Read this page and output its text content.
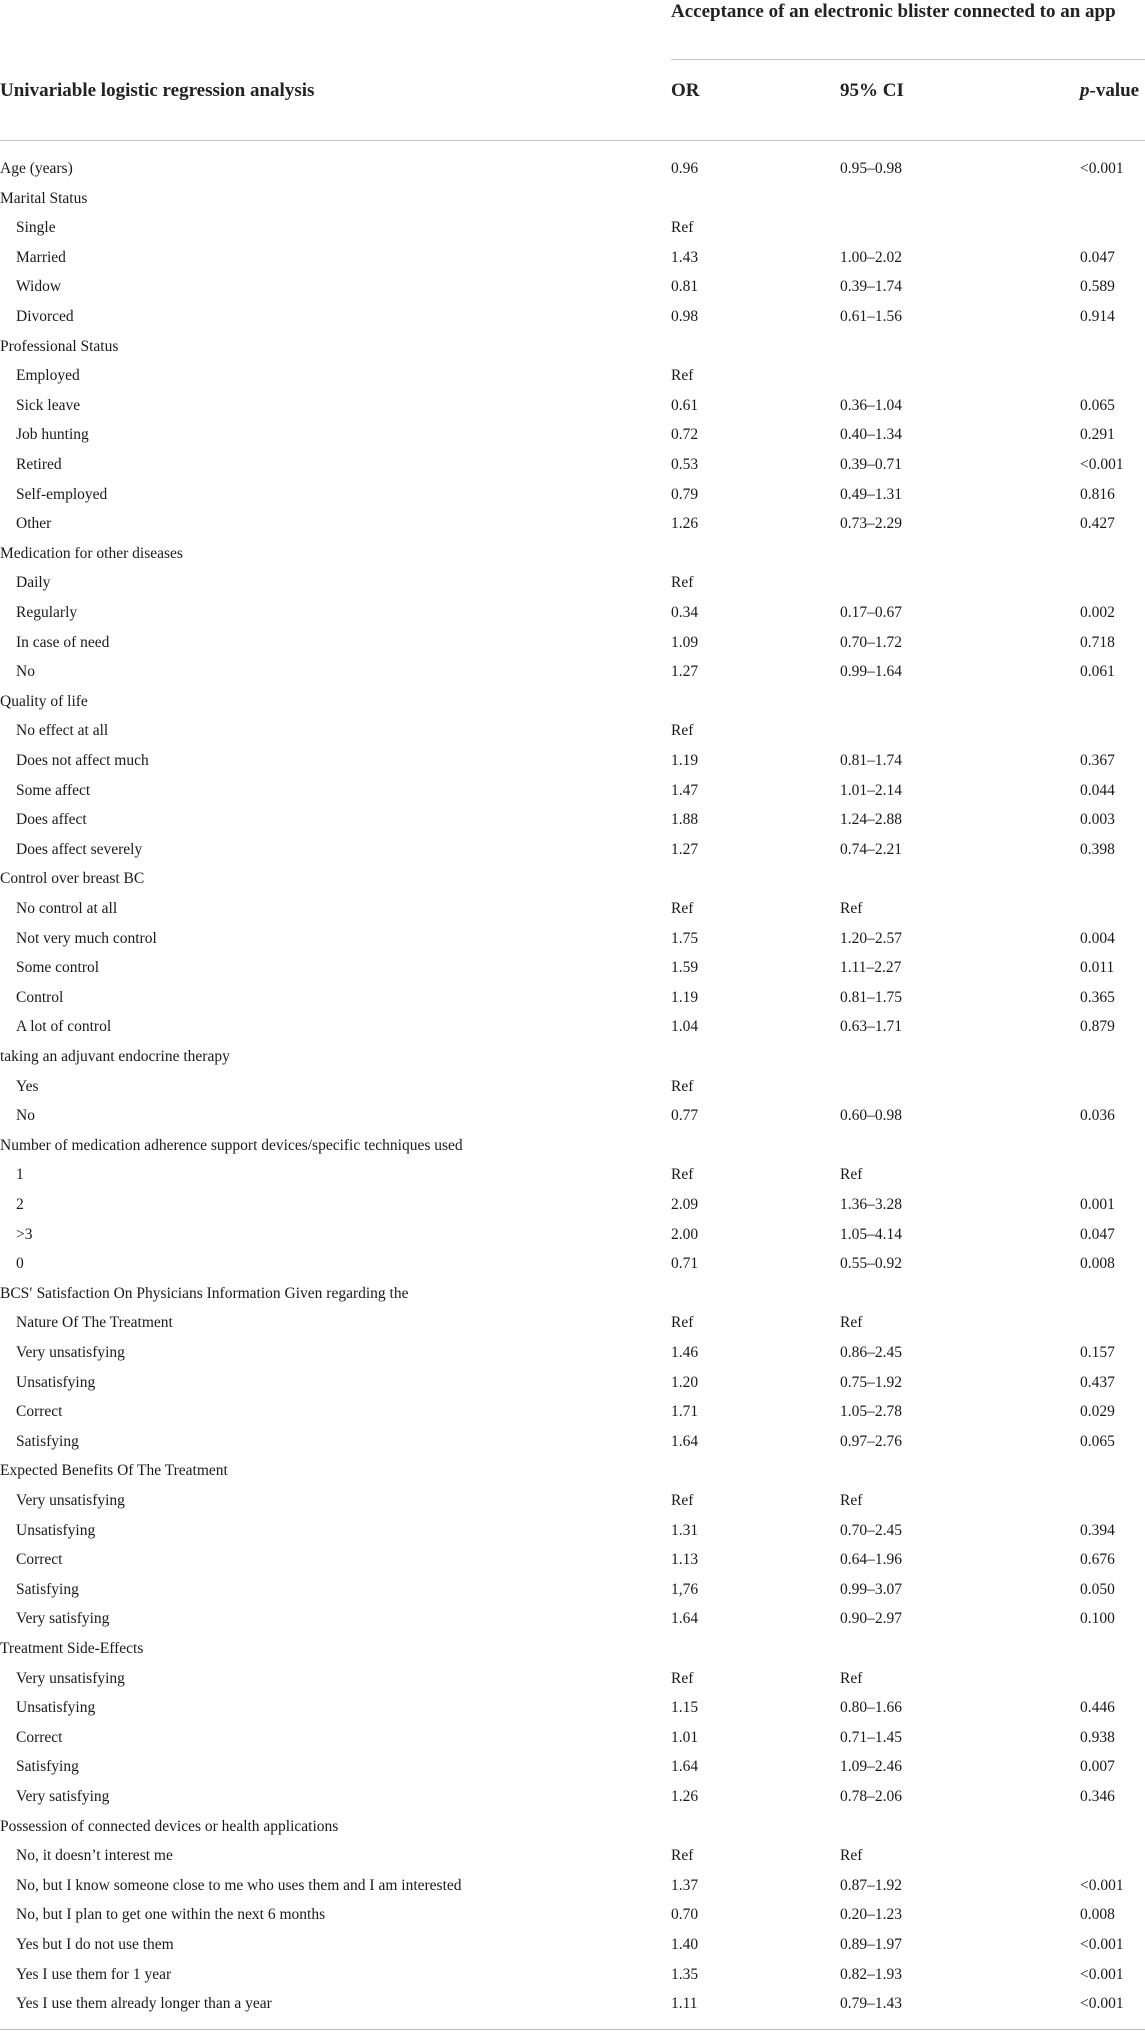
Acceptance of an electronic blister connected to an app
Univariable logistic regression analysis	OR	95% CI	p-value
Age (years)	0.96	0.95–0.98	<0.001
Marital Status
Single	Ref
Married	1.43	1.00–2.02	0.047
Widow	0.81	0.39–1.74	0.589
Divorced	0.98	0.61–1.56	0.914
Professional Status
Employed	Ref
Sick leave	0.61	0.36–1.04	0.065
Job hunting	0.72	0.40–1.34	0.291
Retired	0.53	0.39–0.71	<0.001
Self-employed	0.79	0.49–1.31	0.816
Other	1.26	0.73–2.29	0.427
Medication for other diseases
Daily	Ref
Regularly	0.34	0.17–0.67	0.002
In case of need	1.09	0.70–1.72	0.718
No	1.27	0.99–1.64	0.061
Quality of life
No effect at all	Ref
Does not affect much	1.19	0.81–1.74	0.367
Some affect	1.47	1.01–2.14	0.044
Does affect	1.88	1.24–2.88	0.003
Does affect severely	1.27	0.74–2.21	0.398
Control over breast BC
No control at all	Ref	Ref
Not very much control	1.75	1.20–2.57	0.004
Some control	1.59	1.11–2.27	0.011
Control	1.19	0.81–1.75	0.365
A lot of control	1.04	0.63–1.71	0.879
taking an adjuvant endocrine therapy
Yes	Ref
No	0.77	0.60–0.98	0.036
Number of medication adherence support devices/specific techniques used
1	Ref	Ref
2	2.09	1.36–3.28	0.001
>3	2.00	1.05–4.14	0.047
0	0.71	0.55–0.92	0.008
BCS′ Satisfaction On Physicians Information Given regarding the
Nature Of The Treatment	Ref	Ref
Very unsatisfying	1.46	0.86–2.45	0.157
Unsatisfying	1.20	0.75–1.92	0.437
Correct	1.71	1.05–2.78	0.029
Satisfying	1.64	0.97–2.76	0.065
Expected Benefits Of The Treatment
Very unsatisfying	Ref	Ref
Unsatisfying	1.31	0.70–2.45	0.394
Correct	1.13	0.64–1.96	0.676
Satisfying	1,76	0.99–3.07	0.050
Very satisfying	1.64	0.90–2.97	0.100
Treatment Side-Effects
Very unsatisfying	Ref	Ref
Unsatisfying	1.15	0.80–1.66	0.446
Correct	1.01	0.71–1.45	0.938
Satisfying	1.64	1.09–2.46	0.007
Very satisfying	1.26	0.78–2.06	0.346
Possession of connected devices or health applications
No, it doesn’t interest me	Ref	Ref
No, but I know someone close to me who uses them and I am interested	1.37	0.87–1.92	<0.001
No, but I plan to get one within the next 6 months	0.70	0.20–1.23	0.008
Yes but I do not use them	1.40	0.89–1.97	<0.001
Yes I use them for 1 year	1.35	0.82–1.93	<0.001
Yes I use them already longer than a year	1.11	0.79–1.43	<0.001
